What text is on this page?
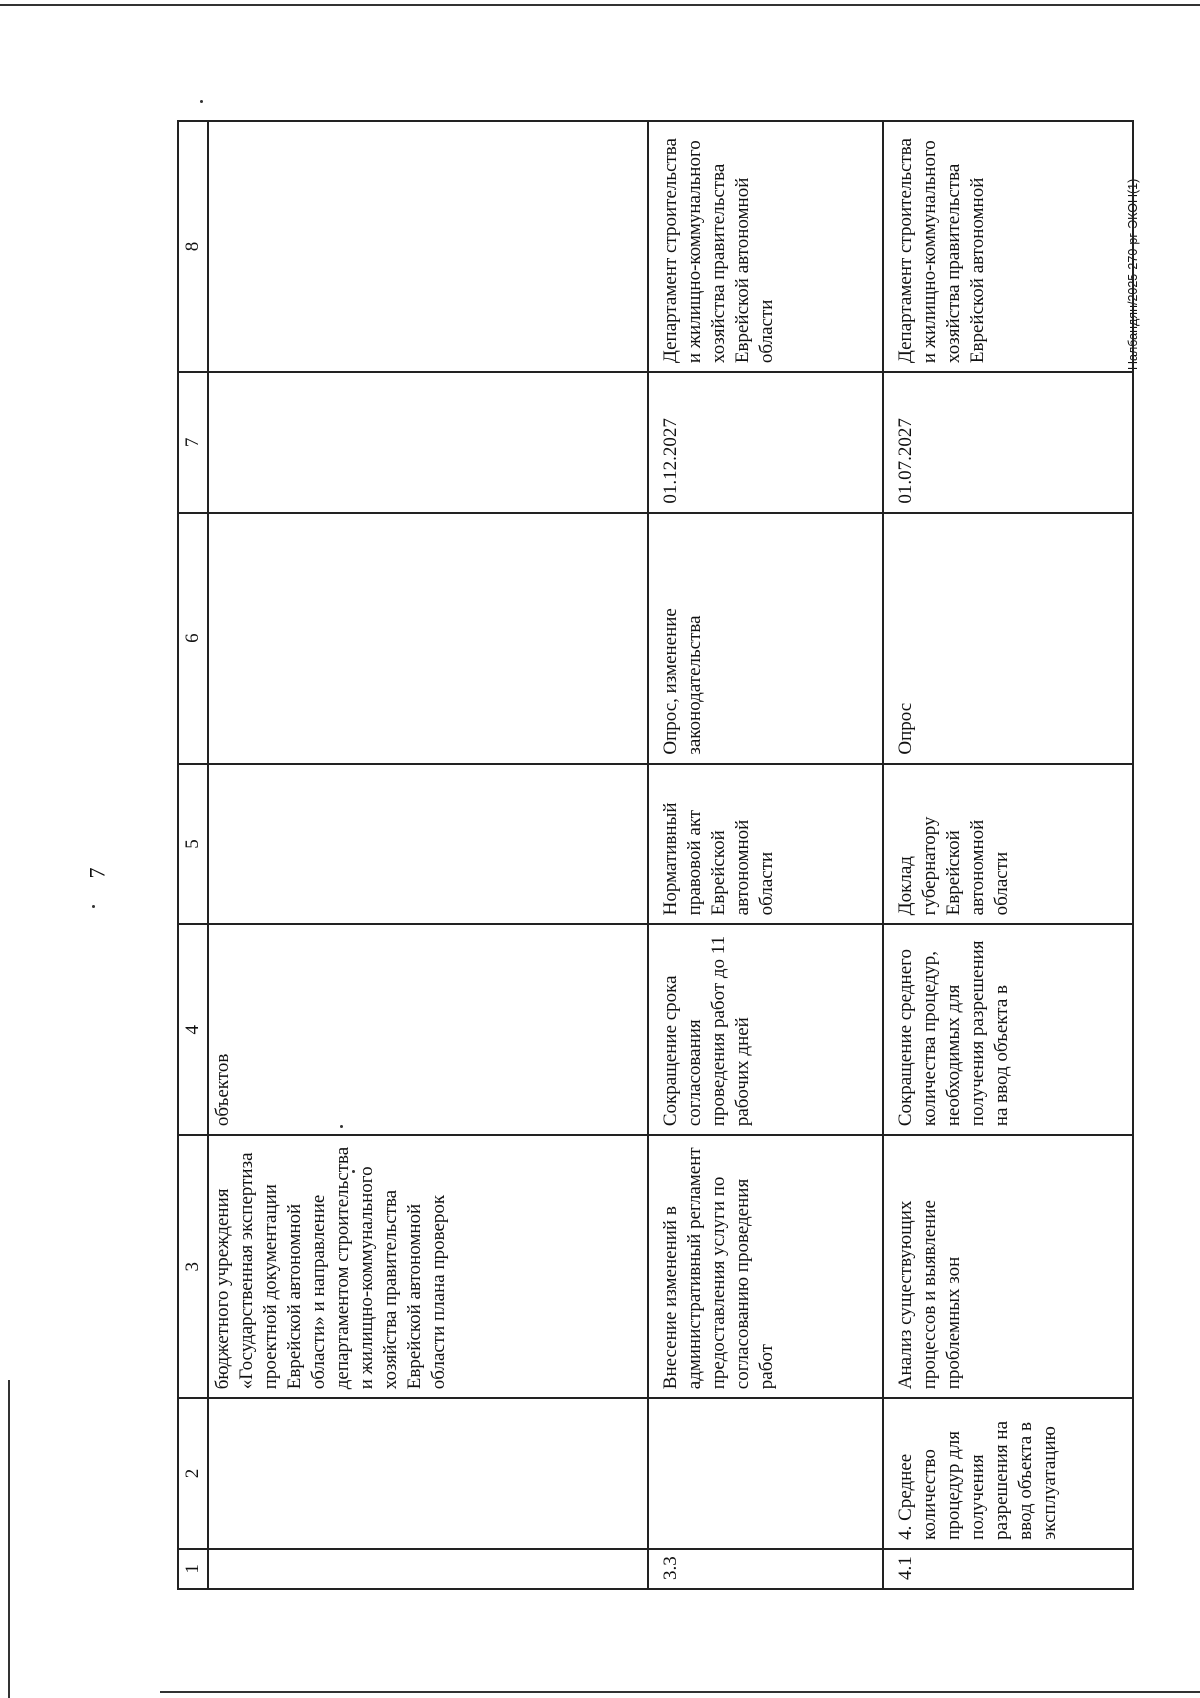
7
Налбандян/2025-270-рг-ЭКОН(1)
1	2	3	4	5	6	7	8
		бюджетного учреждения «Государственная экспертиза проектной документации Еврейской автономной области» и направление департаментом строительства и жилищно-коммунального хозяйства правительства Еврейской автономной области плана проверок	объектов				
3.3		Внесение изменений в административный регламент предоставления услуги по согласованию проведения работ	Сокращение срока согласования проведения работ до 11 рабочих дней	Нормативный правовой акт Еврейской автономной области	Опрос, изменение законодательства	01.12.2027	Департамент строительства и жилищно-коммунального хозяйства правительства Еврейской автономной области
4.1	4. Среднее количество процедур для получения разрешения на ввод объекта в эксплуатацию	Анализ существующих процессов и выявление проблемных зон	Сокращение среднего количества процедур, необходимых для получения разрешения на ввод объекта в	Доклад губернатору Еврейской автономной области	Опрос	01.07.2027	Департамент строительства и жилищно-коммунального хозяйства правительства Еврейской автономной
